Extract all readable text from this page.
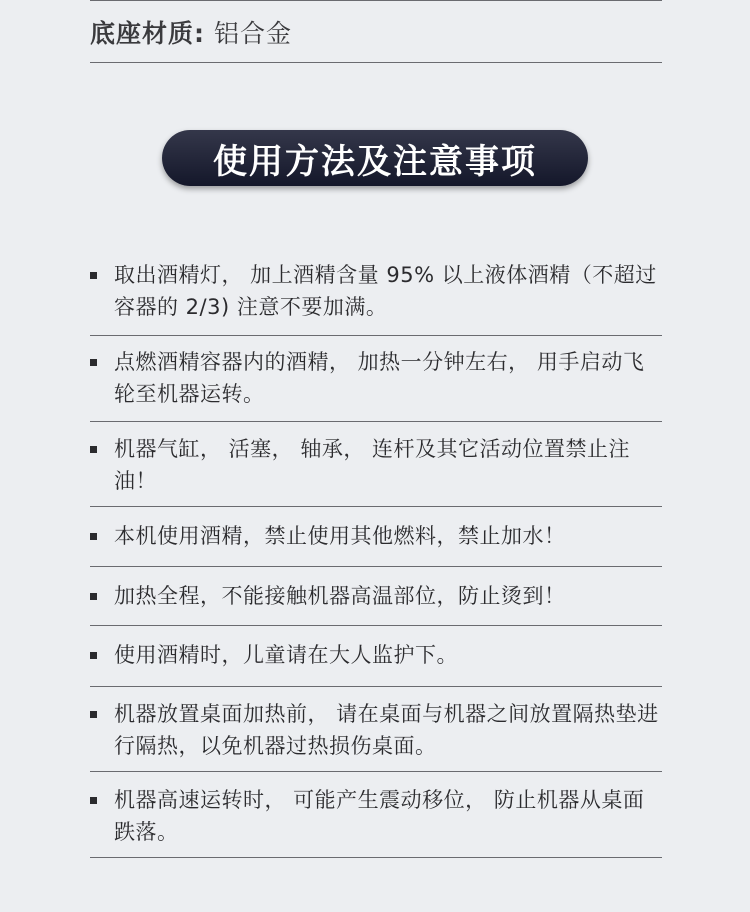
底座材质: 铝合金
使用方法及注意事项
取出酒精灯， 加上酒精含量 95% 以上液体酒精（不超过容器的 2/3) 注意不要加满。
点燃酒精容器内的酒精， 加热一分钟左右， 用手启动飞轮至机器运转。
机器气缸， 活塞， 轴承， 连杆及其它活动位置禁止注油！
本机使用酒精，禁止使用其他燃料，禁止加水！
加热全程，不能接触机器高温部位，防止烫到！
使用酒精时，儿童请在大人监护下。
机器放置桌面加热前， 请在桌面与机器之间放置隔热垫进行隔热，以免机器过热损伤桌面。
机器高速运转时， 可能产生震动移位， 防止机器从桌面跌落。
